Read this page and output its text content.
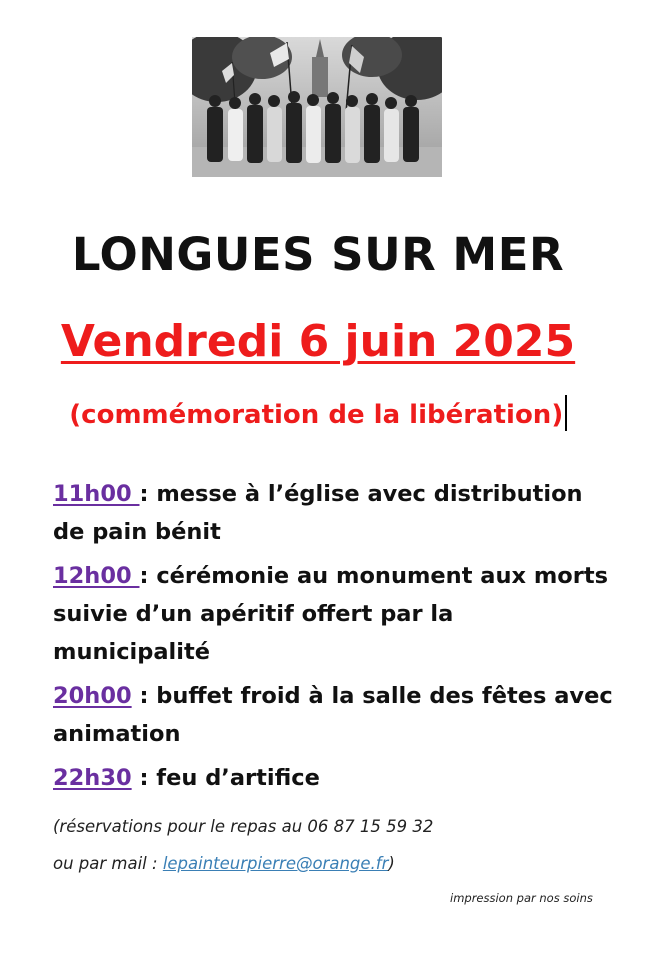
LONGUES SUR MER
Vendredi 6 juin 2025
(commémoration de la libération)
11h00 : messe à l’église avec distribution de pain bénit
12h00 : cérémonie au monument aux morts suivie d’un apéritif offert par la municipalité
20h00 : buffet froid à la salle des fêtes avec animation
22h30 : feu d’artifice
(réservations pour le repas au 06 87 15 59 32
ou par mail : lepainteurpierre@orange.fr)
impression par nos soins
